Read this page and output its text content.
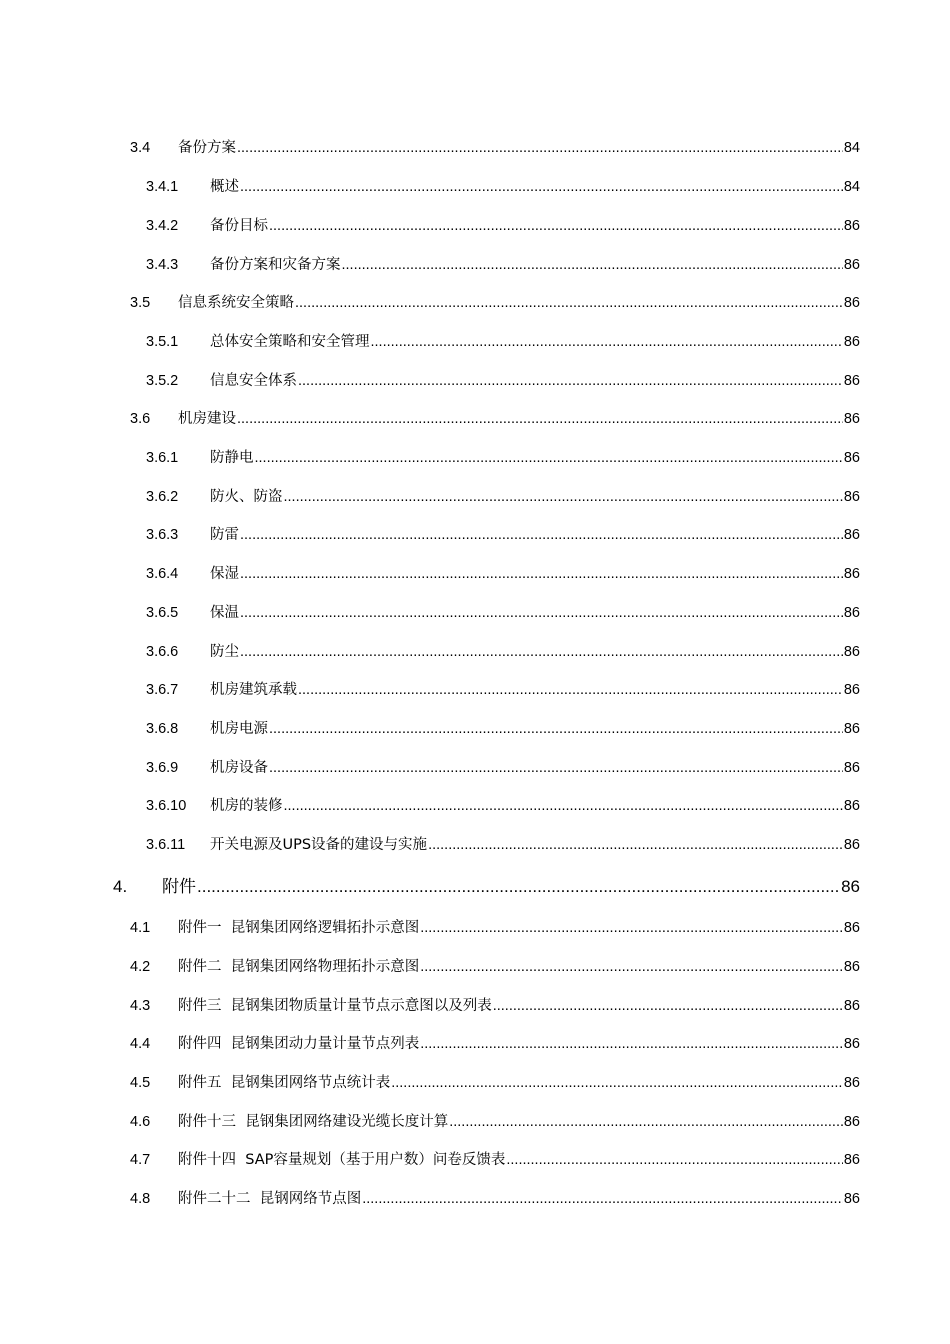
3.4	备份方案 .....	84
3.4.1	概述 .....	84
3.4.2	备份目标 .....	86
3.4.3	备份方案和灾备方案 .....	86
3.5	信息系统安全策略 .....	86
3.5.1	总体安全策略和安全管理 .....	86
3.5.2	信息安全体系 .....	86
3.6	机房建设 .....	86
3.6.1	防静电 .....	86
3.6.2	防火、防盗 .....	86
3.6.3	防雷 .....	86
3.6.4	保湿 .....	86
3.6.5	保温 .....	86
3.6.6	防尘 .....	86
3.6.7	机房建筑承载 .....	86
3.6.8	机房电源 .....	86
3.6.9	机房设备 .....	86
3.6.10	机房的装修 .....	86
3.6.11	开关电源及UPS设备的建设与实施 .....	86
4.	附件 .....	86
4.1	附件一  昆钢集团网络逻辑拓扑示意图 .....	86
4.2	附件二  昆钢集团网络物理拓扑示意图 .....	86
4.3	附件三  昆钢集团物质量计量节点示意图以及列表 .....	86
4.4	附件四  昆钢集团动力量计量节点列表 .....	86
4.5	附件五  昆钢集团网络节点统计表 .....	86
4.6	附件十三  昆钢集团网络建设光缆长度计算 .....	86
4.7	附件十四  SAP容量规划（基于用户数）问卷反馈表 .....	86
4.8	附件二十二  昆钢网络节点图 .....	86
